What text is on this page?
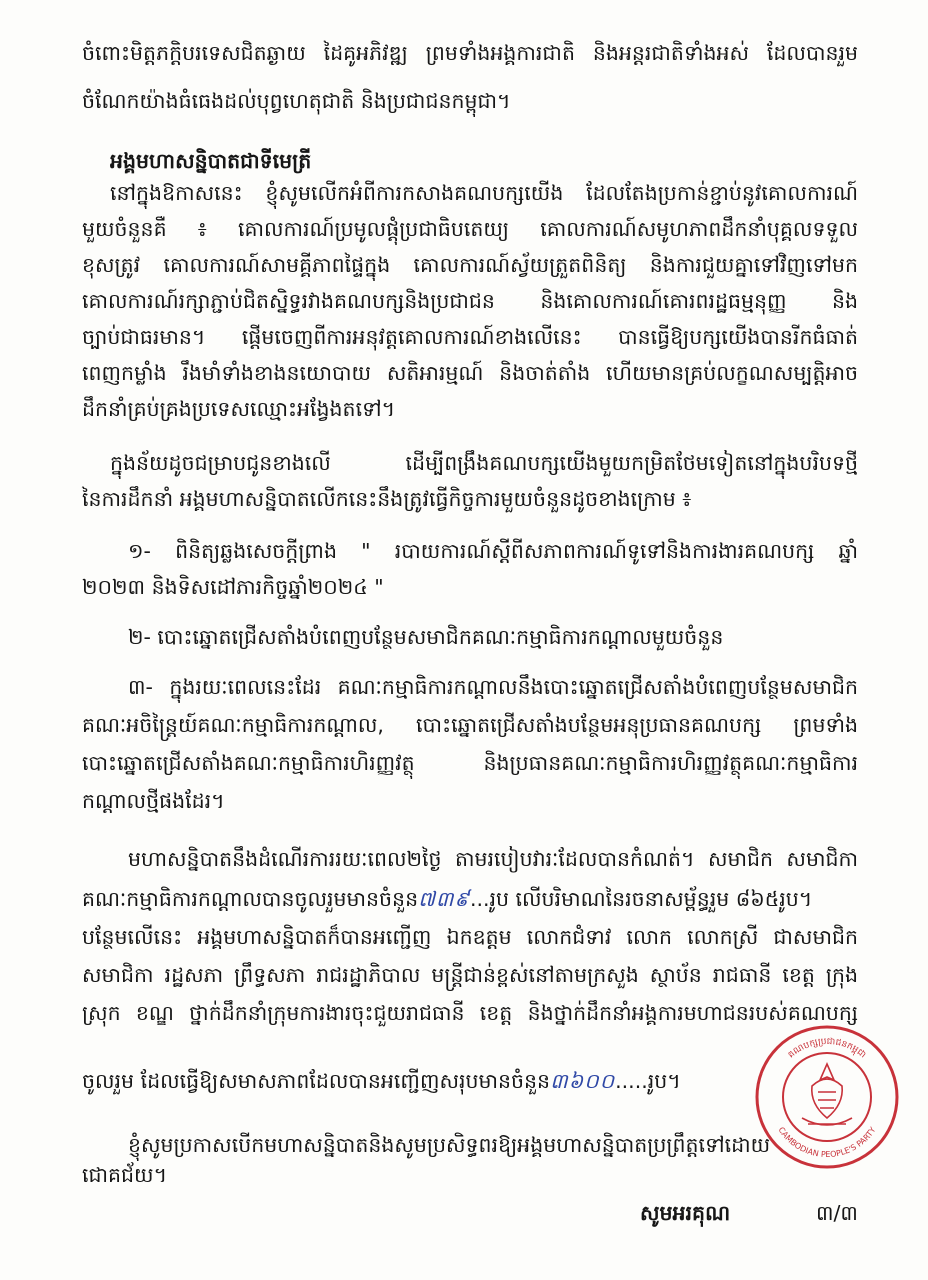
ចំពោះមិត្តភក្តិបរទេសជិតឆ្ងាយ ដៃគូអភិវឌ្ឍ ព្រមទាំងអង្គការជាតិ និងអន្តរជាតិទាំងអស់ ដែលបានរួម
ចំណែកយ៉ាងធំធេងដល់បុព្វហេតុជាតិ និងប្រជាជនកម្ពុជា។
អង្គមហាសន្និបាតជាទីមេត្រី
នៅក្នុងឱកាសនេះ ខ្ញុំសូមលើកអំពីការកសាងគណបក្សយើង ដែលតែងប្រកាន់ខ្ជាប់នូវគោលការណ៍
មួយចំនួនគឺ ៖ គោលការណ៍ប្រមូលផ្តុំប្រជាធិបតេយ្យ គោលការណ៍សមូហភាពដឹកនាំបុគ្គលទទួល
ខុសត្រូវ គោលការណ៍សាមគ្គីភាពផ្ទៃក្នុង គោលការណ៍ស្វ័យត្រួតពិនិត្យ និងការជួយគ្នាទៅវិញទៅមក
គោលការណ៍រក្សាភ្ជាប់ជិតស្និទ្ធរវាងគណបក្សនិងប្រជាជន និងគោលការណ៍គោរពរដ្ឋធម្មនុញ្ញ និង
ច្បាប់ជាធរមាន។ ផ្តើមចេញពីការអនុវត្តគោលការណ៍ខាងលើនេះ បានធ្វើឱ្យបក្សយើងបានរីកធំធាត់
ពេញកម្លាំង រឹងមាំទាំងខាងនយោបាយ សតិអារម្មណ៍ និងចាត់តាំង ហើយមានគ្រប់លក្ខណសម្បត្តិអាច
ដឹកនាំគ្រប់គ្រងប្រទេសឈ្មោះអង្វែងតទៅ។
ក្នុងន័យដូចជម្រាបជូនខាងលើ ដើម្បីពង្រឹងគណបក្សយើងមួយកម្រិតថែមទៀតនៅក្នុងបរិបទថ្មី
នៃការដឹកនាំ អង្គមហាសន្និបាតលើកនេះនឹងត្រូវធ្វើកិច្ចការមួយចំនួនដូចខាងក្រោម ៖
១- ពិនិត្យឆ្លងសេចក្តីព្រាង " របាយការណ៍ស្តីពីសភាពការណ៍ទូទៅនិងការងារគណបក្ស ឆ្នាំ
២០២៣ និងទិសដៅភារកិច្ចឆ្នាំ២០២៤ "
២- បោះឆ្នោតជ្រើសតាំងបំពេញបន្ថែមសមាជិកគណៈកម្មាធិការកណ្តាលមួយចំនួន
៣- ក្នុងរយៈពេលនេះដែរ គណៈកម្មាធិការកណ្តាលនឹងបោះឆ្នោតជ្រើសតាំងបំពេញបន្ថែមសមាជិក
គណៈអចិន្ត្រៃយ៍គណៈកម្មាធិការកណ្តាល, បោះឆ្នោតជ្រើសតាំងបន្ថែមអនុប្រធានគណបក្ស ព្រមទាំង
បោះឆ្នោតជ្រើសតាំងគណៈកម្មាធិការហិរញ្ញវត្ថុ និងប្រធានគណៈកម្មាធិការហិរញ្ញវត្ថុគណៈកម្មាធិការ
កណ្តាលថ្មីផងដែរ។
មហាសន្និបាតនឹងដំណើរការរយៈពេល២ថ្ងៃ តាមរបៀបវារៈដែលបានកំណត់។ សមាជិក សមាជិកា
គណៈកម្មាធិការកណ្តាលបានចូលរួមមានចំនួន៧៣៩...រូប លើបរិមាណនៃរចនាសម្ព័ន្ធរួម ៨៦៥រូប។
បន្ថែមលើនេះ អង្គមហាសន្និបាតក៏បានអញ្ជើញ ឯកឧត្តម លោកជំទាវ លោក លោកស្រី ជាសមាជិក
សមាជិកា រដ្ឋសភា ព្រឹទ្ធសភា រាជរដ្ឋាភិបាល មន្ត្រីជាន់ខ្ពស់នៅតាមក្រសួង ស្ថាប័ន រាជធានី ខេត្ត ក្រុង
ស្រុក ខណ្ឌ ថ្នាក់ដឹកនាំក្រុមការងារចុះជួយរាជធានី ខេត្ត និងថ្នាក់ដឹកនាំអង្គការមហាជនរបស់គណបក្ស
ចូលរួម ដែលធ្វើឱ្យសមាសភាពដែលបានអញ្ជើញសរុបមានចំនួន៣៦០០.....រូប។
ខ្ញុំសូមប្រកាសបើកមហាសន្និបាតនិងសូមប្រសិទ្ធពរឱ្យអង្គមហាសន្និបាតប្រព្រឹត្តទៅដោយ
ជោគជ័យ។
សូមអរគុណ	៣/៣
គណបក្សប្រជាជនកម្ពុជា
CAMBODIAN PEOPLE'S PARTY
